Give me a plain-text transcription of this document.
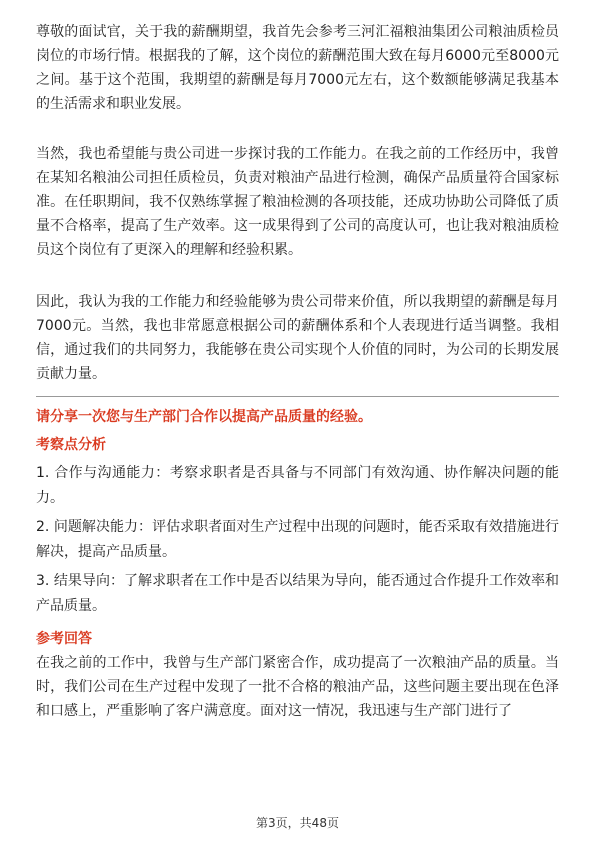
尊敬的面试官，关于我的薪酬期望，我首先会参考三河汇福粮油集团公司粮油质检员岗位的市场行情。根据我的了解，这个岗位的薪酬范围大致在每月6000元至8000元之间。基于这个范围，我期望的薪酬是每月7000元左右，这个数额能够满足我基本的生活需求和职业发展。

当然，我也希望能与贵公司进一步探讨我的工作能力。在我之前的工作经历中，我曾在某知名粮油公司担任质检员，负责对粮油产品进行检测，确保产品质量符合国家标准。在任职期间，我不仅熟练掌握了粮油检测的各项技能，还成功协助公司降低了质量不合格率，提高了生产效率。这一成果得到了公司的高度认可，也让我对粮油质检员这个岗位有了更深入的理解和经验积累。

因此，我认为我的工作能力和经验能够为贵公司带来价值，所以我期望的薪酬是每月7000元。当然，我也非常愿意根据公司的薪酬体系和个人表现进行适当调整。我相信，通过我们的共同努力，我能够在贵公司实现个人价值的同时，为公司的长期发展贡献力量。

请分享一次您与生产部门合作以提高产品质量的经验。

考察点分析

1. 合作与沟通能力：考察求职者是否具备与不同部门有效沟通、协作解决问题的能力。

2. 问题解决能力：评估求职者面对生产过程中出现的问题时，能否采取有效措施进行解决，提高产品质量。

3. 结果导向：了解求职者在工作中是否以结果为导向，能否通过合作提升工作效率和产品质量。

参考回答

在我之前的工作中，我曾与生产部门紧密合作，成功提高了一次粮油产品的质量。当时，我们公司在生产过程中发现了一批不合格的粮油产品，这些问题主要出现在色泽和口感上，严重影响了客户满意度。面对这一情况，我迅速与生产部门进行了

第3页，共48页
